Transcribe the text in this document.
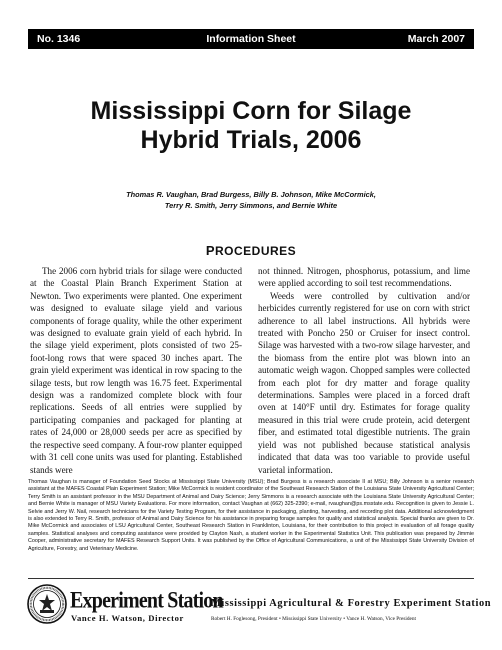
No. 1346	Information Sheet	March 2007
Mississippi Corn for Silage
Hybrid Trials, 2006
Thomas R. Vaughan, Brad Burgess, Billy B. Johnson, Mike McCormick,
Terry R. Smith, Jerry Simmons, and Bernie White
PROCEDURES

The 2006 corn hybrid trials for silage were conducted at the Coastal Plain Branch Experiment Station at Newton. Two experiments were planted. One experiment was designed to evaluate silage yield and various components of forage quality, while the other experiment was designed to evaluate grain yield of each hybrid. In the silage yield experiment, plots consisted of two 25-foot-long rows that were spaced 30 inches apart. The grain yield experiment was identical in row spacing to the silage tests, but row length was 16.75 feet. Experimental design was a randomized complete block with four replications. Seeds of all entries were supplied by participating companies and packaged for planting at rates of 24,000 or 28,000 seeds per acre as specified by the respective seed company. A four-row planter equipped with 31 cell cone units was used for planting. Established stands were

not thinned. Nitrogen, phosphorus, potassium, and lime were applied according to soil test recommendations.

Weeds were controlled by cultivation and/or herbicides currently registered for use on corn with strict adherence to all label instructions. All hybrids were treated with Poncho 250 or Cruiser for insect control. Silage was harvested with a two-row silage harvester, and the biomass from the entire plot was blown into an automatic weigh wagon. Chopped samples were collected from each plot for dry matter and forage quality determinations. Samples were placed in a forced draft oven at 140°F until dry. Estimates for forage quality measured in this trial were crude protein, acid detergent fiber, and estimated total digestible nutrients. The grain yield was not published because statistical analysis indicated that data was too variable to provide useful varietal information.

Thomas Vaughan is manager of Foundation Seed Stocks at Mississippi State University (MSU); Brad Burgess is a research associate II at MSU; Billy Johnson is a senior research assistant at the MAFES Coastal Plain Experiment Station; Mike McCormick is resident coordinator of the Southeast Research Station of the Louisiana State University Agricultural Center; Terry Smith is an assistant professor in the MSU Department of Animal and Dairy Science; Jerry Simmons is a research associate with the Louisiana State University Agricultural Center; and Bernie White is manager of MSU Variety Evaluations. For more information, contact Vaughan at (662) 325-2390; e-mail, rvaughan@ps.msstate.edu. Recognition is given to Jessie L. Selvie and Jerry W. Nail, research technicians for the Variety Testing Program, for their assistance in packaging, planting, harvesting, and recording plot data. Additional acknowledgment is also extended to Terry R. Smith, professor of Animal and Dairy Science for his assistance in preparing forage samples for quality and statistical analysis. Special thanks are given to Dr. Mike McCormick and associates of LSU Agricultural Center, Southeast Research Station in Franklinton, Louisiana, for their contribution to this project in evaluation of all forage quality samples. Statistical analyses and computing assistance were provided by Clayton Nash, a student worker in the Experimental Statistics Unit. This publication was prepared by Jimmie Cooper, administrative secretary for MAFES Research Support Units. It was published by the Office of Agricultural Communications, a unit of the Mississippi State University Division of Agriculture, Forestry, and Veterinary Medicine.

Experiment Station
Vance H. Watson, Director
Mississippi Agricultural & Forestry Experiment Station
Robert H. Foglesong, President • Mississippi State University • Vance H. Watson, Vice President
